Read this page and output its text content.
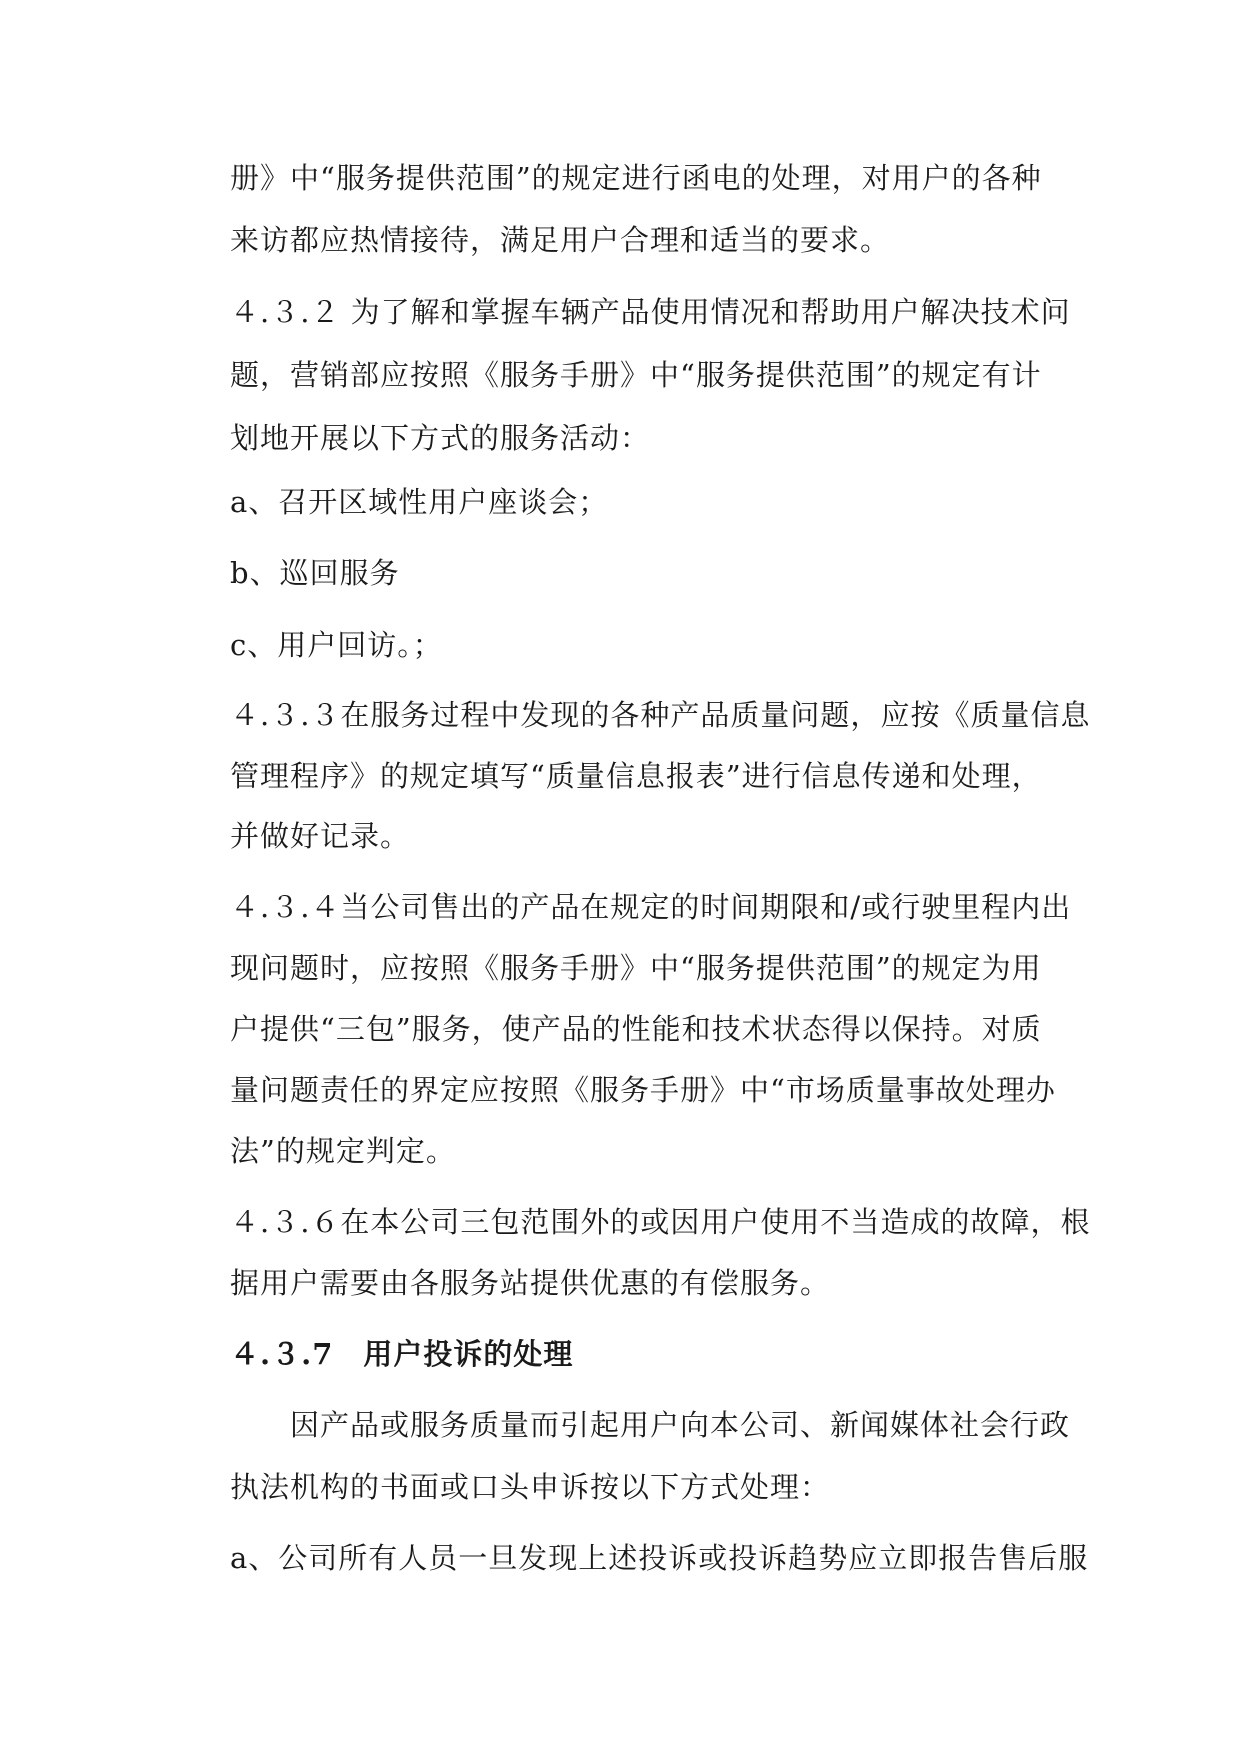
册》中“服务提供范围”的规定进行函电的处理，对用户的各种
来访都应热情接待，满足用户合理和适当的要求。
４.３.２ 为了解和掌握车辆产品使用情况和帮助用户解决技术问
题，营销部应按照《服务手册》中“服务提供范围”的规定有计
划地开展以下方式的服务活动：
a、召开区域性用户座谈会；
b、巡回服务
c、用户回访。；
４.３.３在服务过程中发现的各种产品质量问题，应按《质量信息
管理程序》的规定填写“质量信息报表”进行信息传递和处理，
并做好记录。
４.３.４当公司售出的产品在规定的时间期限和/或行驶里程内出
现问题时，应按照《服务手册》中“服务提供范围”的规定为用
户提供“三包”服务，使产品的性能和技术状态得以保持。对质
量问题责任的界定应按照《服务手册》中“市场质量事故处理办
法”的规定判定。
４.３.６在本公司三包范围外的或因用户使用不当造成的故障，根
据用户需要由各服务站提供优惠的有偿服务。
４.３.7　用户投诉的处理
因产品或服务质量而引起用户向本公司、新闻媒体社会行政
执法机构的书面或口头申诉按以下方式处理：
a、公司所有人员一旦发现上述投诉或投诉趋势应立即报告售后服
